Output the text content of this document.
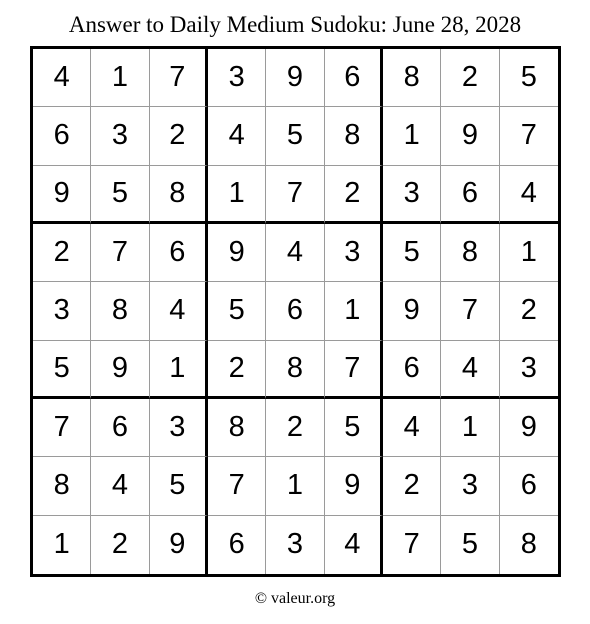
Answer to Daily Medium Sudoku: June 28, 2028
4	1	7	3	9	6	8	2	5
6	3	2	4	5	8	1	9	7
9	5	8	1	7	2	3	6	4
2	7	6	9	4	3	5	8	1
3	8	4	5	6	1	9	7	2
5	9	1	2	8	7	6	4	3
7	6	3	8	2	5	4	1	9
8	4	5	7	1	9	2	3	6
1	2	9	6	3	4	7	5	8
© valeur.org
